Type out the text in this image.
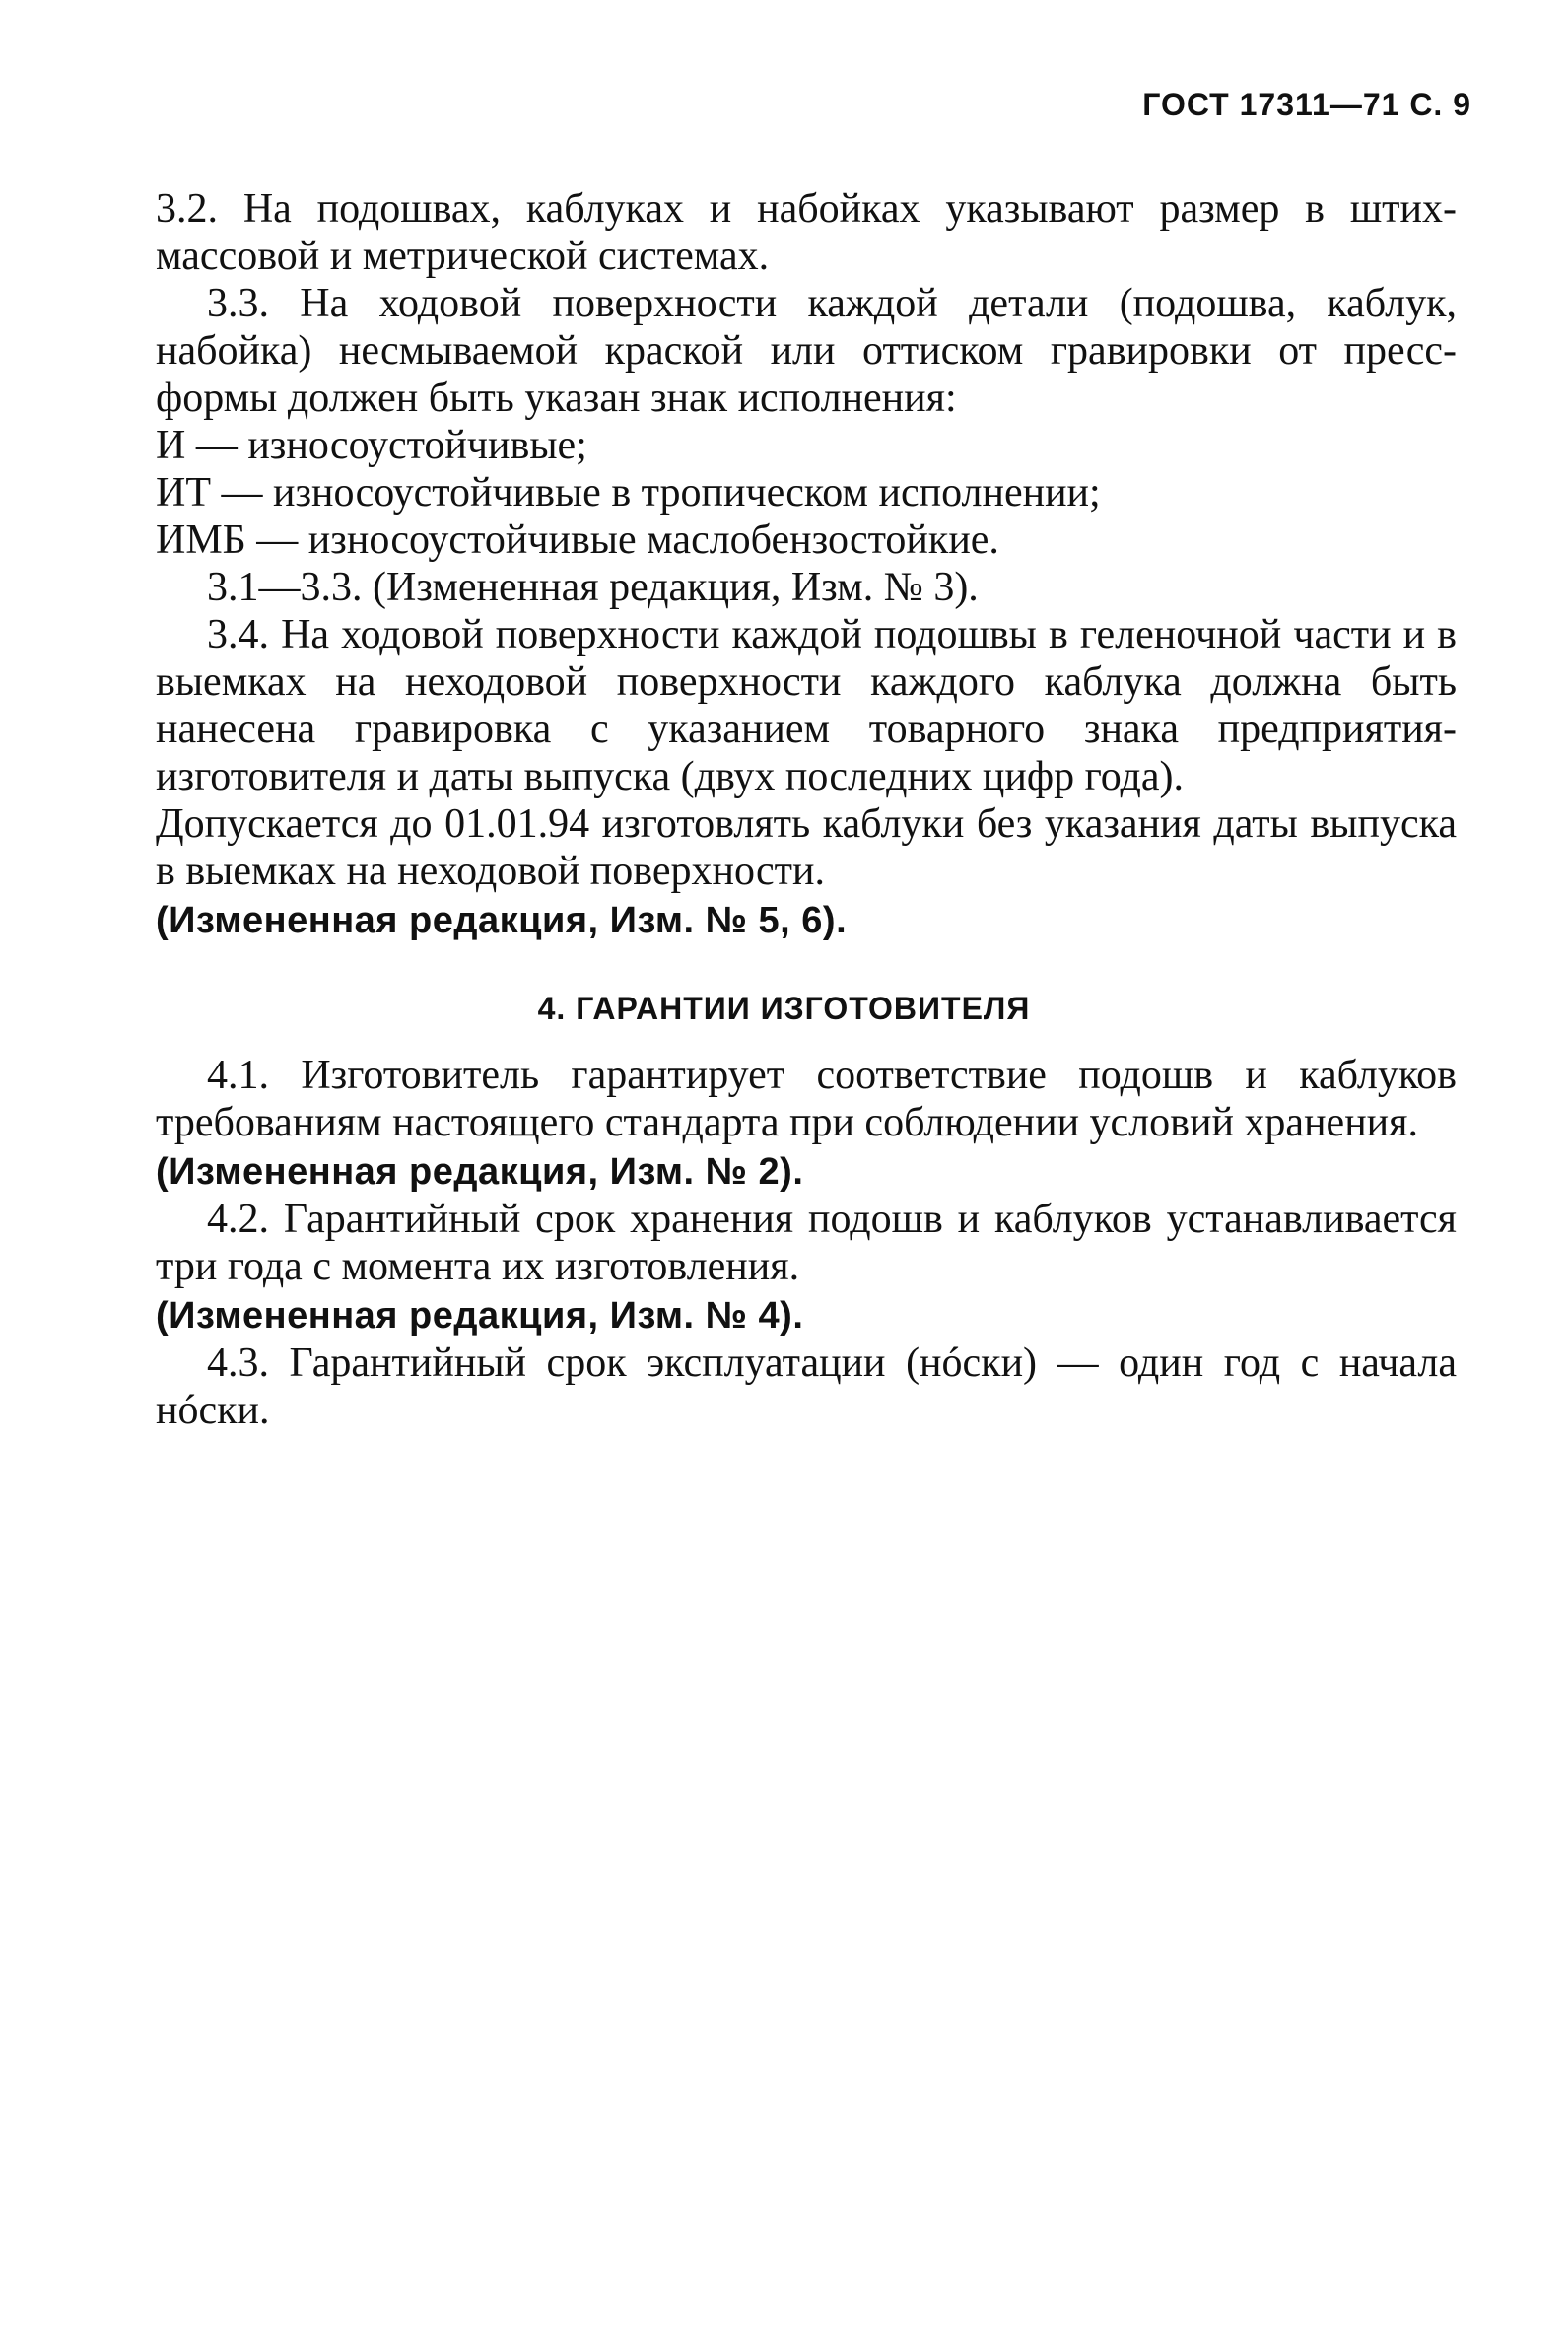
ГОСТ 17311—71 С. 9

3.2. На подошвах, каблуках и набойках указывают размер в штих-массовой и метрической системах.

3.3. На ходовой поверхности каждой детали (подошва, каблук, набойка) несмываемой краской или оттиском гравировки от пресс-формы должен быть указан знак исполнения:

И — износоустойчивые;

ИТ — износоустойчивые в тропическом исполнении;

ИМБ — износоустойчивые маслобензостойкие.

3.1—3.3. (Измененная редакция, Изм. № 3).

3.4. На ходовой поверхности каждой подошвы в геленочной части и в выемках на неходовой поверхности каждого каблука должна быть нанесена гравировка с указанием товарного знака предприятия-изготовителя и даты выпуска (двух последних цифр года).

Допускается до 01.01.94 изготовлять каблуки без указания даты выпуска в выемках на неходовой поверхности.

(Измененная редакция, Изм. № 5, 6).

4. ГАРАНТИИ ИЗГОТОВИТЕЛЯ

4.1. Изготовитель гарантирует соответствие подошв и каблуков требованиям настоящего стандарта при соблюдении условий хранения.

(Измененная редакция, Изм. № 2).

4.2. Гарантийный срок хранения подошв и каблуков устанавливается три года с момента их изготовления.

(Измененная редакция, Изм. № 4).

4.3. Гарантийный срок эксплуатации (нóски) — один год с начала нóски.
